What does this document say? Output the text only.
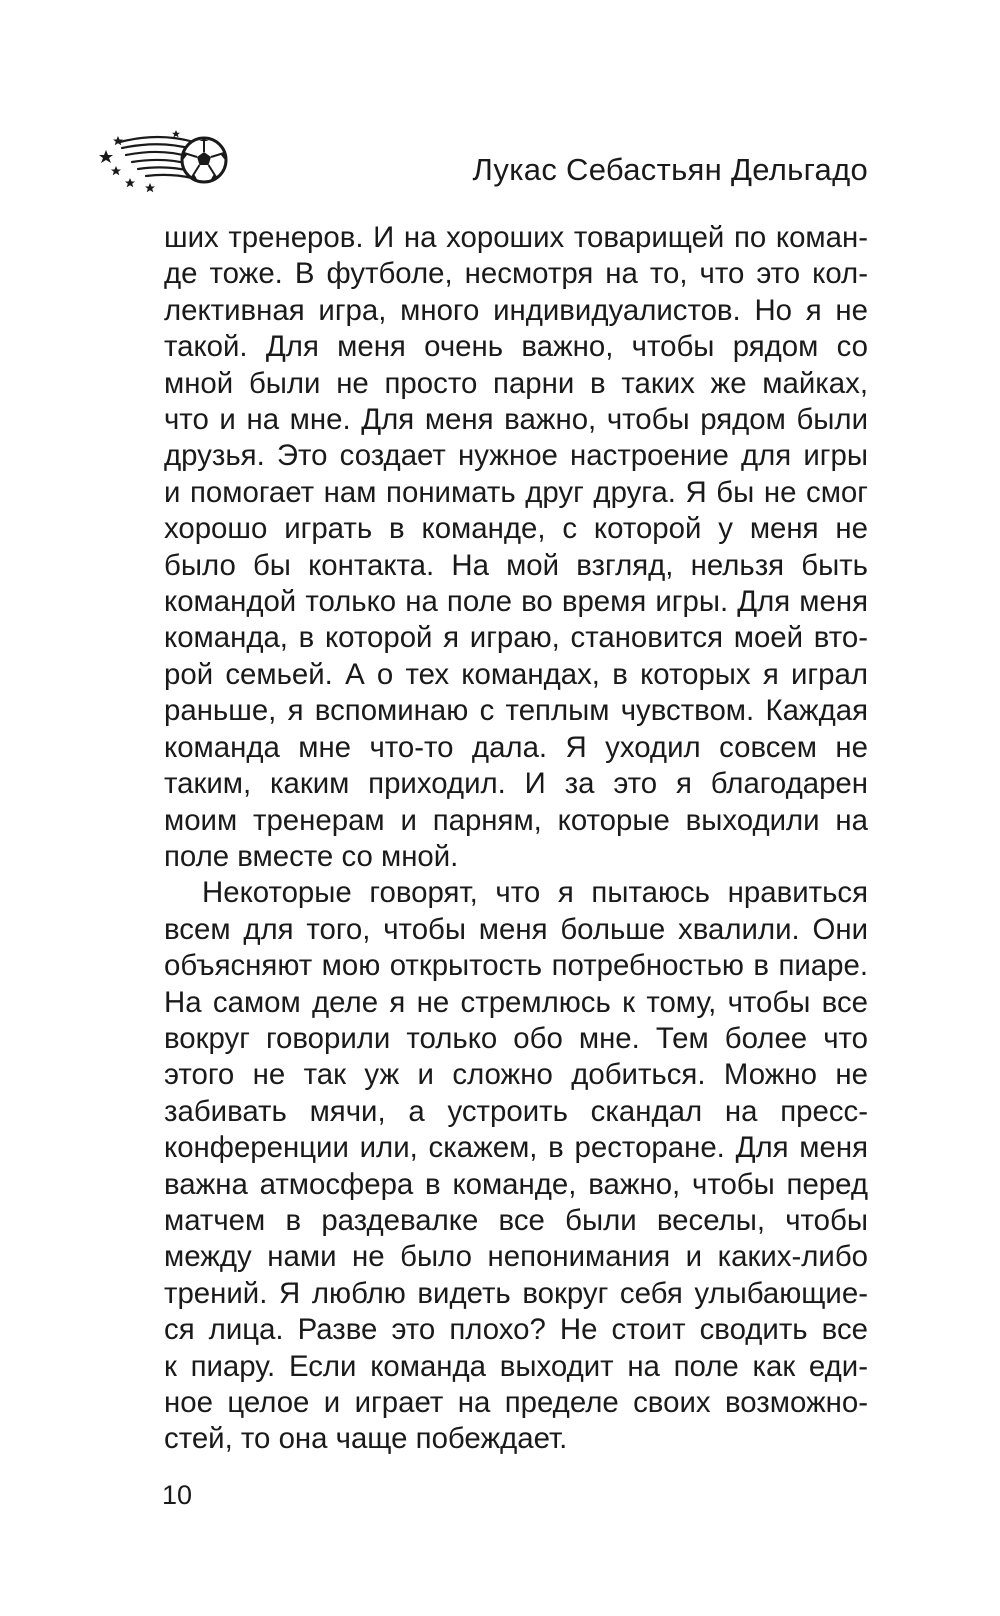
Лукас Себастьян Дельгадо

ших тренеров. И на хороших товарищей по коман-
де тоже. В футболе, несмотря на то, что это кол-
лективная игра, много индивидуалистов. Но я не
такой. Для меня очень важно, чтобы рядом со
мной были не просто парни в таких же майках,
что и на мне. Для меня важно, чтобы рядом были
друзья. Это создает нужное настроение для игры
и помогает нам понимать друг друга. Я бы не смог
хорошо играть в команде, с которой у меня не
было бы контакта. На мой взгляд, нельзя быть
командой только на поле во время игры. Для меня
команда, в которой я играю, становится моей вто-
рой семьей. А о тех командах, в которых я играл
раньше, я вспоминаю с теплым чувством. Каждая
команда мне что-то дала. Я уходил совсем не
таким, каким приходил. И за это я благодарен
моим тренерам и парням, которые выходили на
поле вместе со мной.

Некоторые говорят, что я пытаюсь нравиться
всем для того, чтобы меня больше хвалили. Они
объясняют мою открытость потребностью в пиаре.
На самом деле я не стремлюсь к тому, чтобы все
вокруг говорили только обо мне. Тем более что
этого не так уж и сложно добиться. Можно не
забивать мячи, а устроить скандал на пресс-
конференции или, скажем, в ресторане. Для меня
важна атмосфера в команде, важно, чтобы перед
матчем в раздевалке все были веселы, чтобы
между нами не было непонимания и каких-либо
трений. Я люблю видеть вокруг себя улыбающие-
ся лица. Разве это плохо? Не стоит сводить все
к пиару. Если команда выходит на поле как еди-
ное целое и играет на пределе своих возможно-
стей, то она чаще побеждает.

10
